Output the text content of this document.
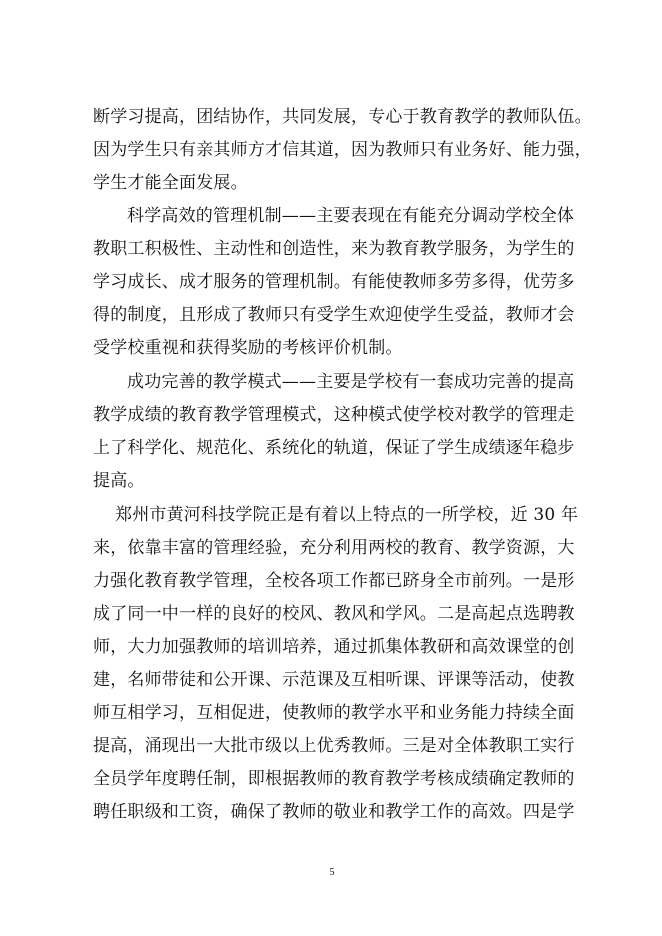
断学习提高，团结协作，共同发展，专心于教育教学的教师队伍。
因为学生只有亲其师方才信其道，因为教师只有业务好、能力强，
学生才能全面发展。
科学高效的管理机制——主要表现在有能充分调动学校全体
教职工积极性、主动性和创造性，来为教育教学服务，为学生的
学习成长、成才服务的管理机制。有能使教师多劳多得，优劳多
得的制度，且形成了教师只有受学生欢迎使学生受益，教师才会
受学校重视和获得奖励的考核评价机制。
成功完善的教学模式——主要是学校有一套成功完善的提高
教学成绩的教育教学管理模式，这种模式使学校对教学的管理走
上了科学化、规范化、系统化的轨道，保证了学生成绩逐年稳步
提高。
郑州市黄河科技学院正是有着以上特点的一所学校，近 30 年
来，依靠丰富的管理经验，充分利用两校的教育、教学资源，大
力强化教育教学管理，全校各项工作都已跻身全市前列。一是形
成了同一中一样的良好的校风、教风和学风。二是高起点选聘教
师，大力加强教师的培训培养，通过抓集体教研和高效课堂的创
建，名师带徒和公开课、示范课及互相听课、评课等活动，使教
师互相学习，互相促进，使教师的教学水平和业务能力持续全面
提高，涌现出一大批市级以上优秀教师。三是对全体教职工实行
全员学年度聘任制，即根据教师的教育教学考核成绩确定教师的
聘任职级和工资，确保了教师的敬业和教学工作的高效。四是学
5
